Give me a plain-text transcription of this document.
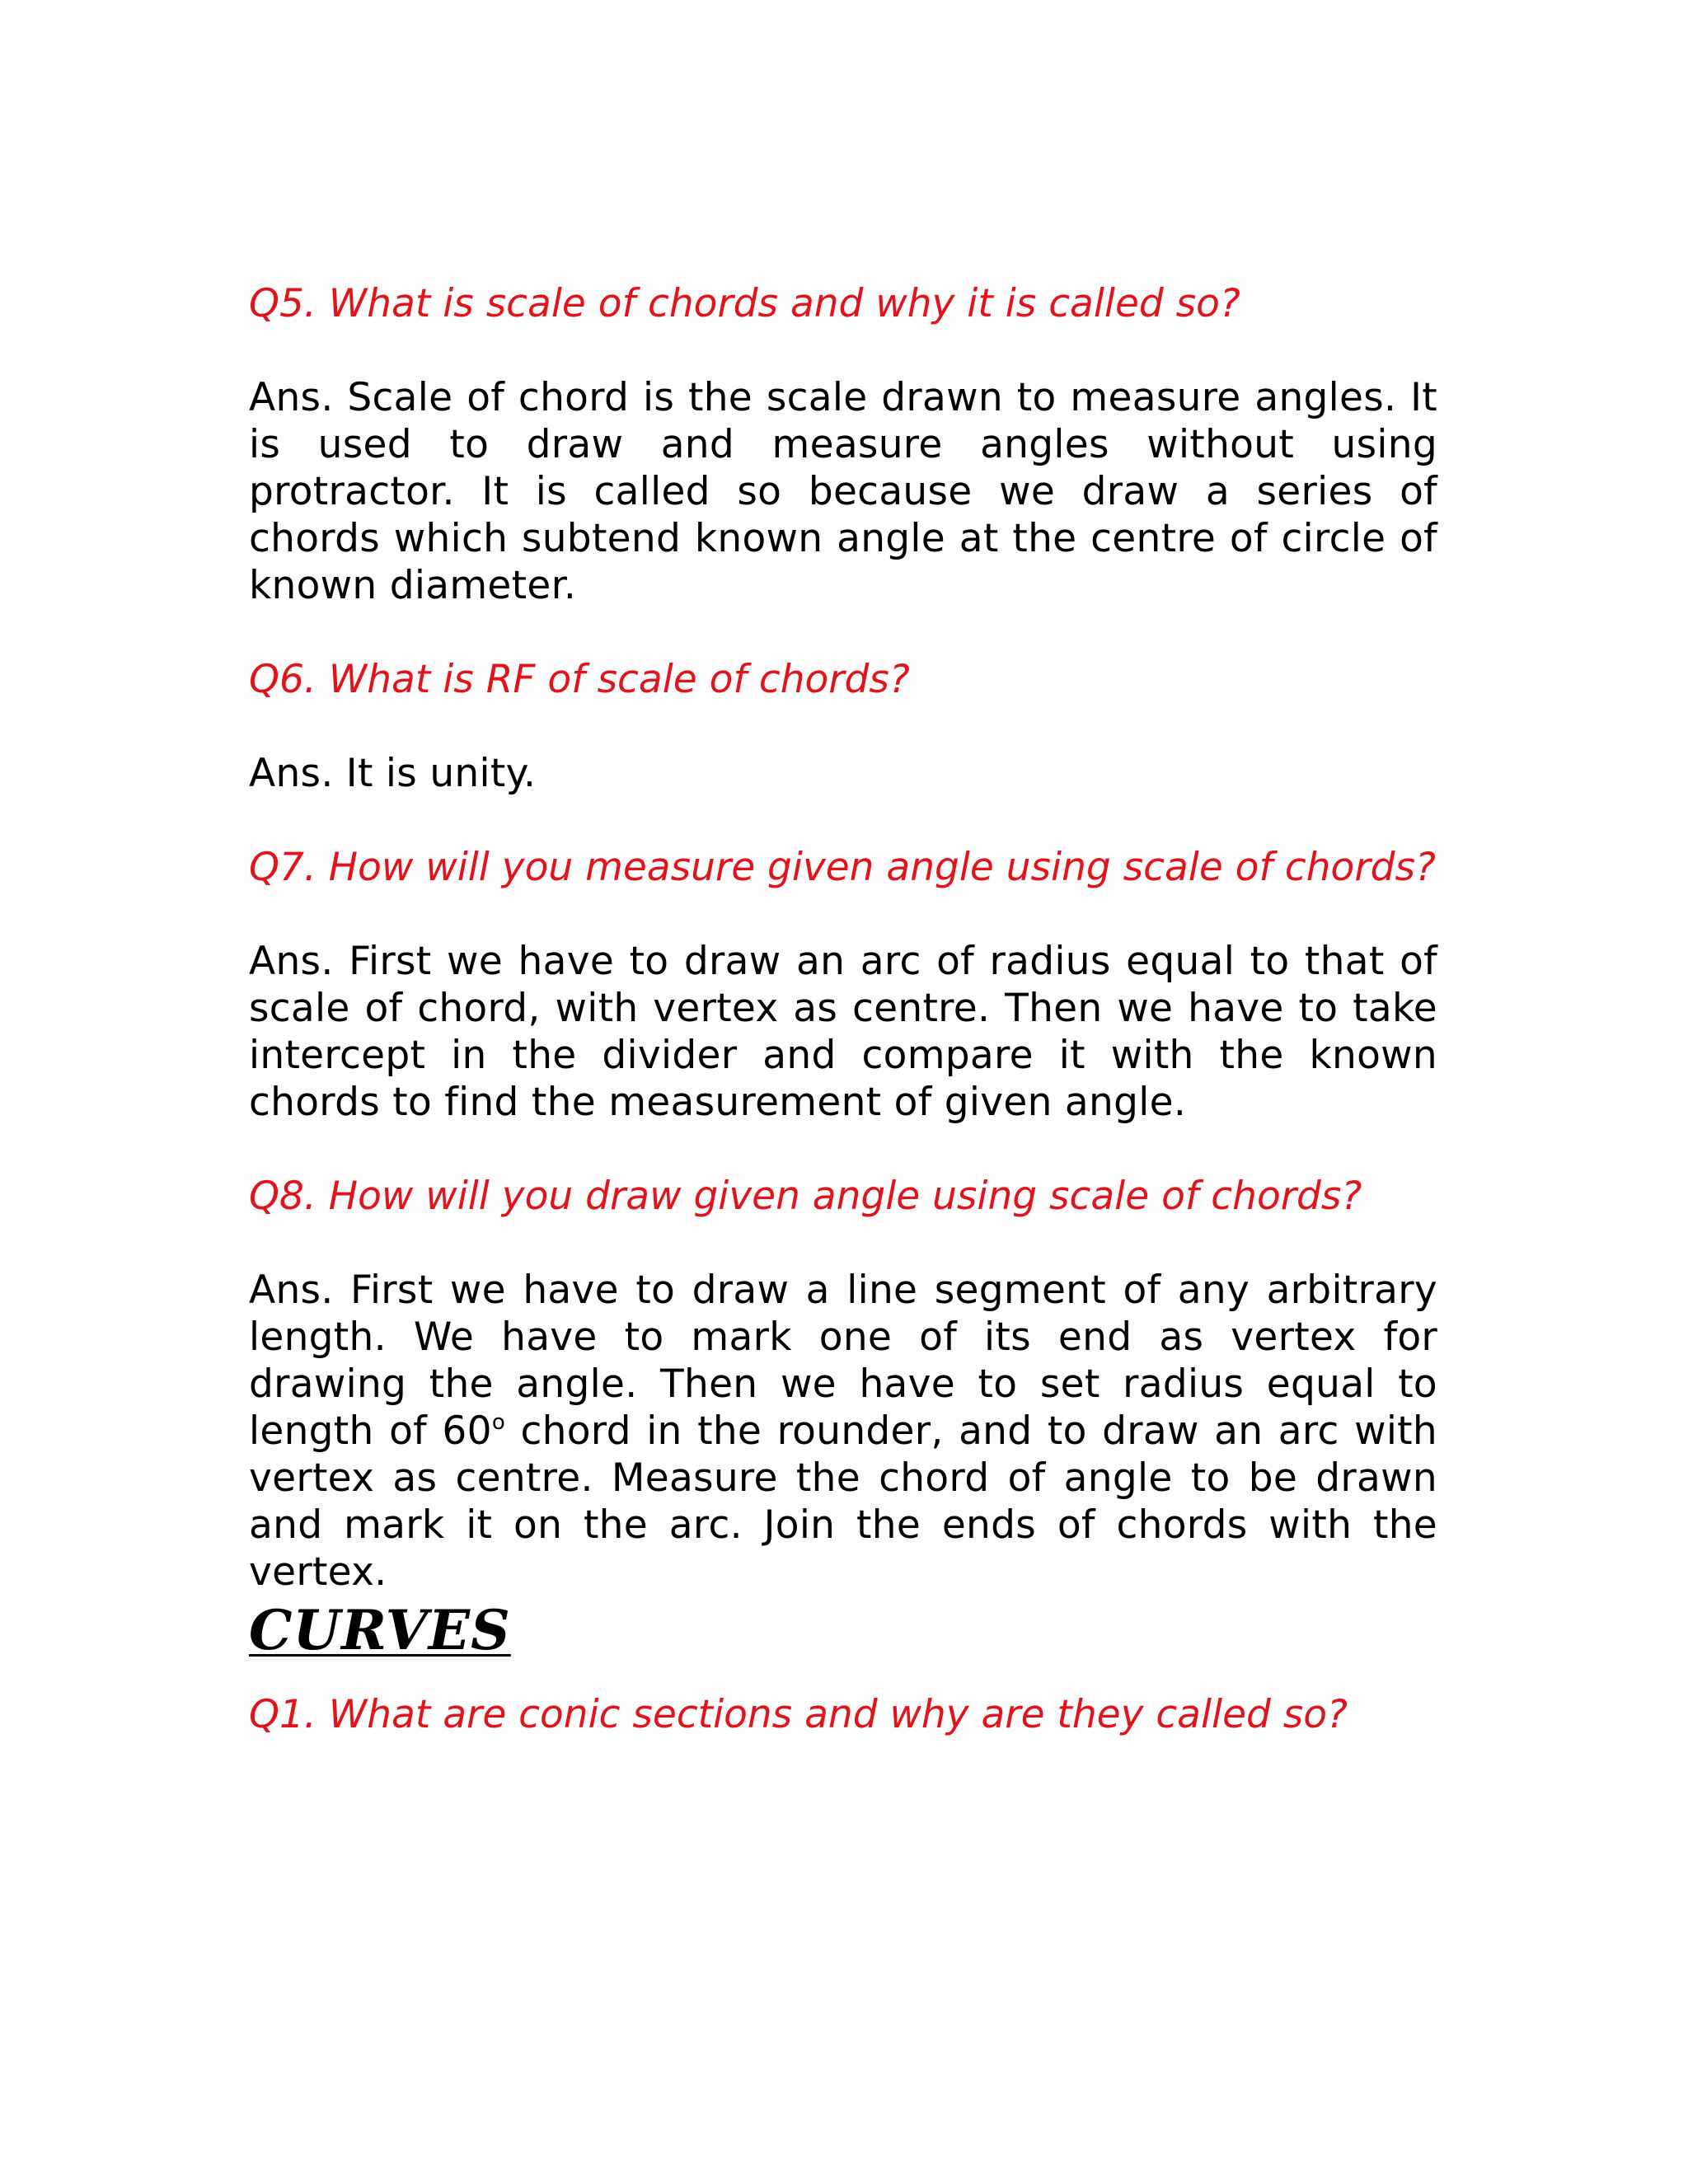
Q5. What is scale of chords and why it is called so?

Ans. Scale of chord is the scale drawn to measure angles. It is used to draw and measure angles without using protractor. It is called so because we draw a series of chords which subtend known angle at the centre of circle of known diameter.

Q6. What is RF of scale of chords?

Ans. It is unity.

Q7. How will you measure given angle using scale of chords?

Ans. First we have to draw an arc of radius equal to that of scale of chord, with vertex as centre. Then we have to take intercept in the divider and compare it with the known chords to find the measurement of given angle.

Q8. How will you draw given angle using scale of chords?

Ans. First we have to draw a line segment of any arbitrary length. We have to mark one of its end as vertex for drawing the angle. Then we have to set radius equal to length of 60$^o$ chord in the rounder, and to draw an arc with vertex as centre. Measure the chord of angle to be drawn and mark it on the arc. Join the ends of chords with the vertex.

CURVES

Q1. What are conic sections and why are they called so?
